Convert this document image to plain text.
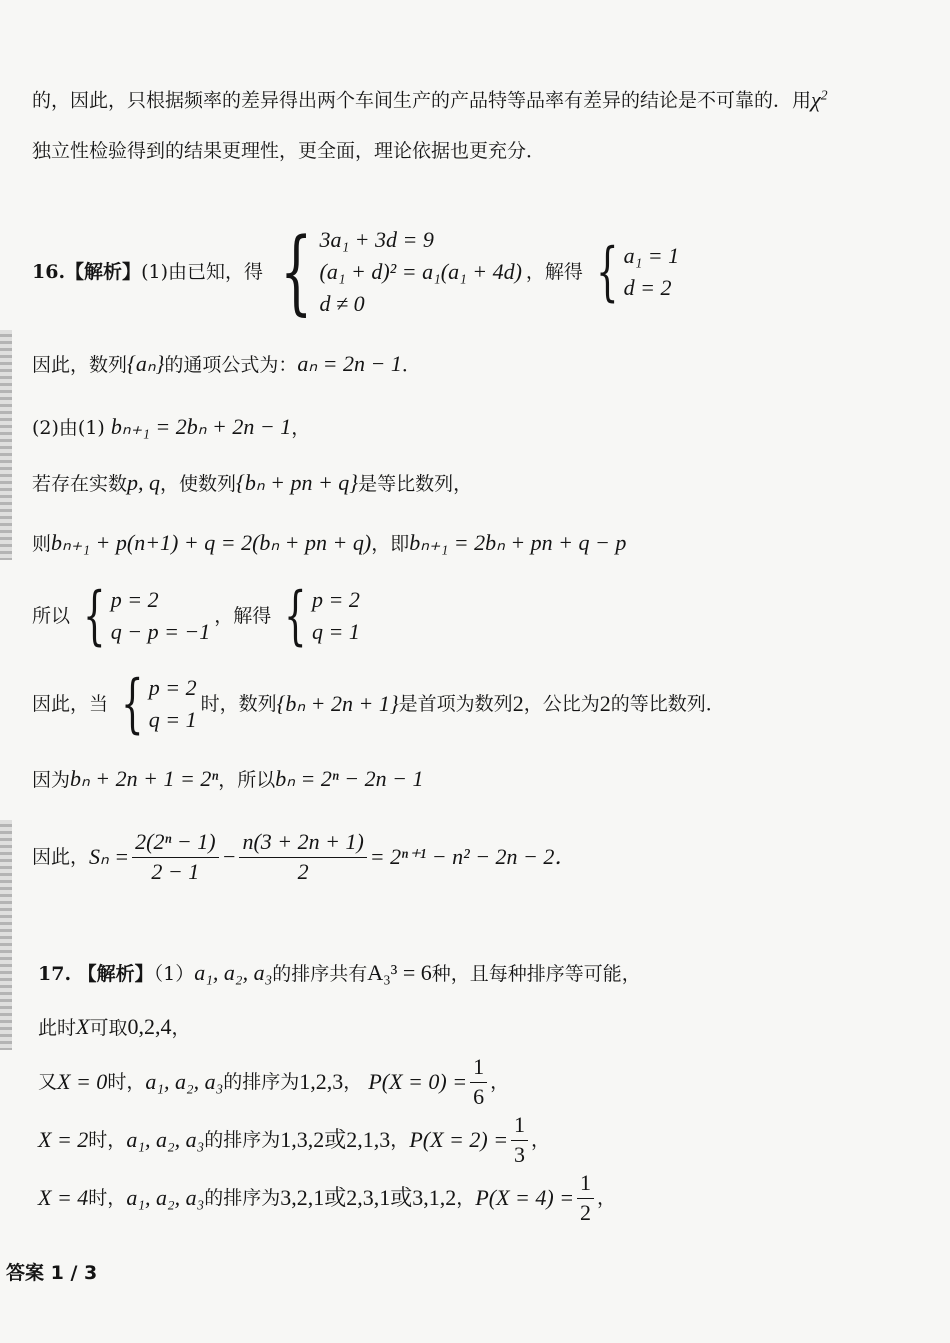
的，因此，只根据频率的差异得出两个车间生产的产品特等品率有差异的结论是不可靠的．用$\chi^2$
独立性检验得到的结果更理性，更全面，理论依据也更充分．
16.【解析】 (1)由已知，得 { 3a₁ + 3d = 9
(a₁ + d)² = a₁(a₁ + 4d)
d ≠ 0
，解得 { a₁ = 1
d = 2
因此，数列{aₙ}的通项公式为：aₙ = 2n − 1．
(2)由(1) bₙ₊₁ = 2bₙ + 2n − 1，
若存在实数p, q，使数列{bₙ + pn + q}是等比数列，
则bₙ₊₁ + p(n+1) + q = 2(bₙ + pn + q)，即bₙ₊₁ = 2bₙ + pn + q − p
所以 { p = 2
q − p = −1
，解得 { p = 2
q = 1
因此，当 { p = 2
q = 1
时，数列 {bₙ + 2n + 1} 是首项为数列 2 ，公比为 2 的等比数列．
因为bₙ + 2n + 1 = 2ⁿ，所以bₙ = 2ⁿ − 2n − 1
因此， $S_n = \frac{\text{2(2ⁿ − 1)}}{2 - 1} - \frac{n(3 + 2n + 1)}{2} = 2^{n+1} - n^2 - 2n - 2$．
17. 【解析】（1）a₁, a₂, a₃的排序共有A₃³ = 6种，且每种排序等可能，
此时X可取0,2,4，
又 X = 0 时， a₁, a₂, a₃ 的排序为 1,2,3 ， $P(X = 0) = \frac{1}{6}$ ，
X = 2 时， a₁, a₂, a₃ 的排序为 1,3,2或2,1,3 ， $P(X = 2) = \frac{1}{3}$ ，
X = 4 时， a₁, a₂, a₃ 的排序为 3,2,1或2,3,1或3,1,2 ， $P(X = 4) = \frac{1}{2}$ ，
答案 1 / 3
